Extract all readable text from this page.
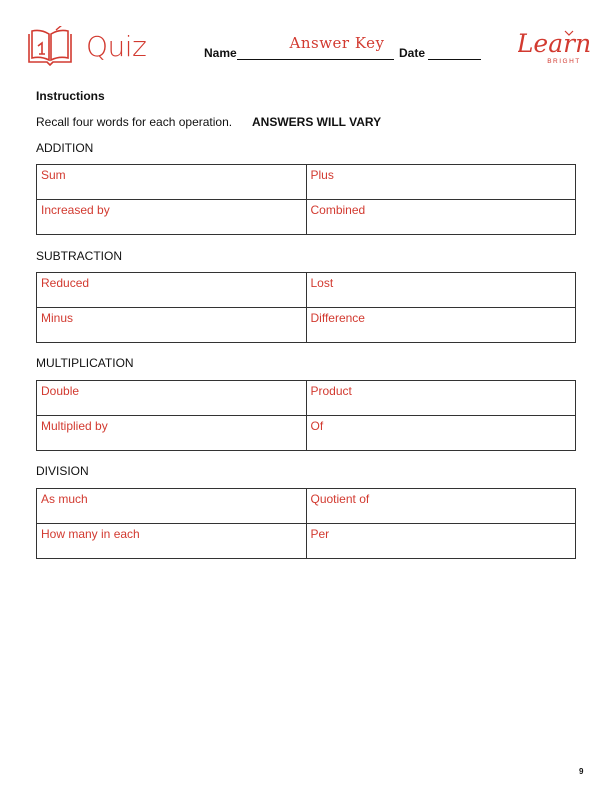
Quiz	Name
Answer Key
Date	Learn
BRIGHT
Instructions
Recall four words for each operation. ANSWERS WILL VARY
ADDITION
Sum	Plus
Increased by	Combined
SUBTRACTION
Reduced	Lost
Minus	Difference
MULTIPLICATION
Double	Product
Multiplied by	Of
DIVISION
As much	Quotient of
How many in each	Per
9
